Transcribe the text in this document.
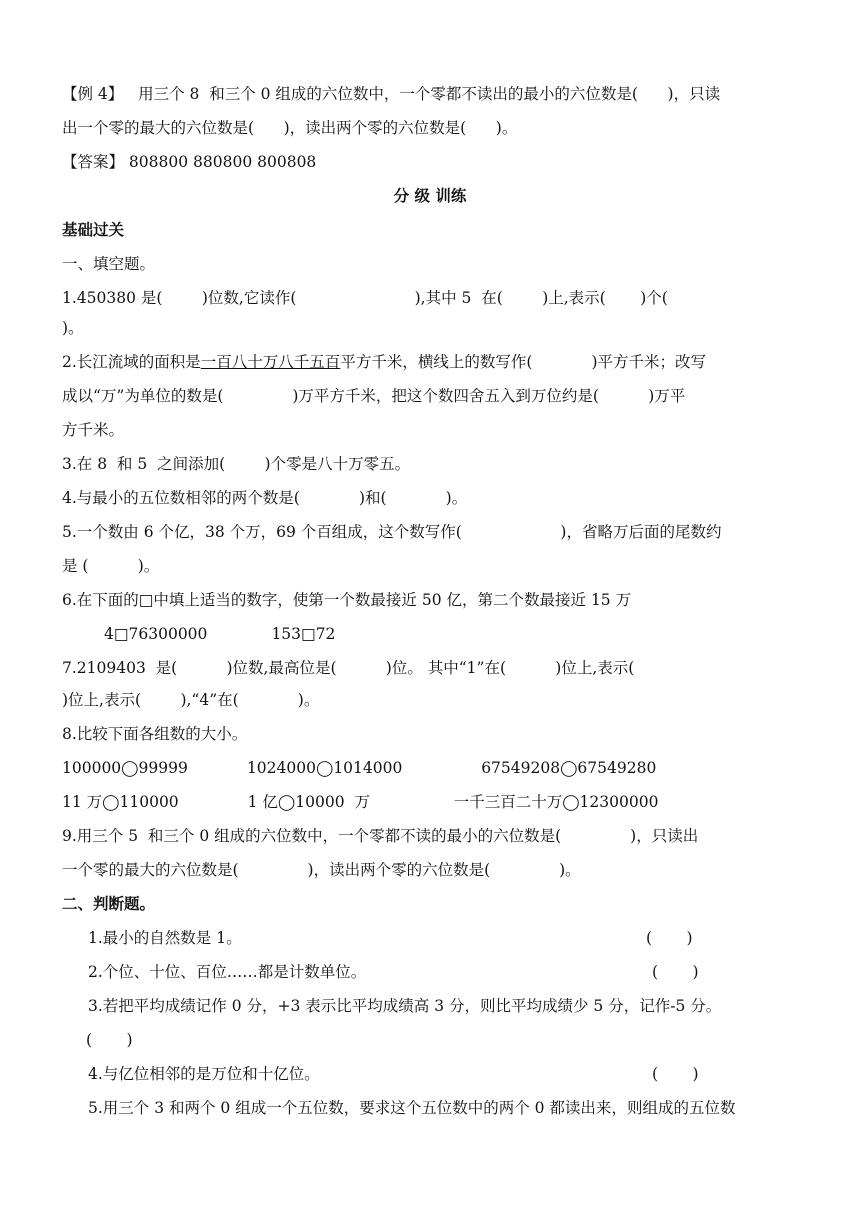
【例 4】   用三个 8  和三个 0 组成的六位数中，一个零都不读出的最小的六位数是(      )，只读
出一个零的最大的六位数是(      )，读出两个零的六位数是(      )。
【答案】 808800 880800 800808
分 级 训练
基础过关
一、填空题。
1.450380 是(        )位数,它读作(                        ),其中 5  在(        )上,表示(       )个(
)。
2.长江流域的面积是一百八十万八千五百平方千米，横线上的数写作(            )平方千米；改写
成以“万”为单位的数是(              )万平方千米，把这个数四舍五入到万位约是(          )万平
方千米。
3.在 8  和 5  之间添加(        )个零是八十万零五。
4.与最小的五位数相邻的两个数是(            )和(            )。
5.一个数由 6 个亿，38 个万，69 个百组成，这个数写作(                    )，省略万后面的尾数约
是 (          )。
6.在下面的□中填上适当的数字，使第一个数最接近 50 亿，第二个数最接近 15 万
4□76300000             153□72
7.2109403  是(          )位数,最高位是(          )位。 其中“1”在(          )位上,表示(
)位上,表示(        ),“4”在(            )。
8.比较下面各组数的大小。
100000◯99999            1024000◯1014000                67549208◯67549280
11 万◯110000              1 亿◯10000  万                 一千三百二十万◯12300000
9.用三个 5  和三个 0 组成的六位数中，一个零都不读的最小的六位数是(              )，只读出
一个零的最大的六位数是(              )，读出两个零的六位数是(              )。
二、判断题。
1.最小的自然数是 1。	(       )
2.个位、十位、百位……都是计数单位。	(       )
3.若把平均成绩记作 0 分，+3 表示比平均成绩高 3 分，则比平均成绩少 5 分，记作-5 分。
(       )
4.与亿位相邻的是万位和十亿位。	(       )
5.用三个 3 和两个 0 组成一个五位数，要求这个五位数中的两个 0 都读出来，则组成的五位数
